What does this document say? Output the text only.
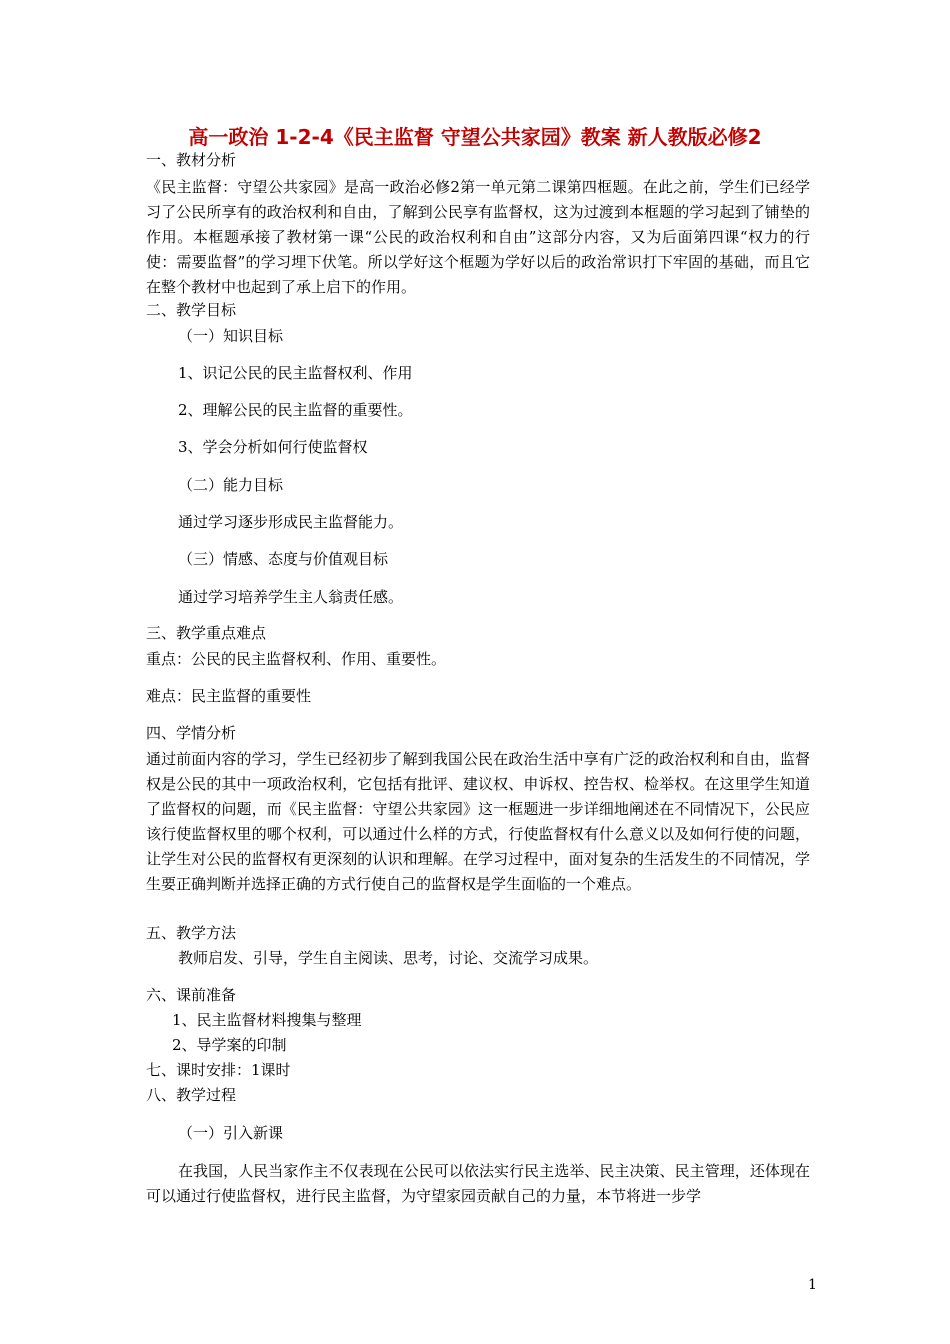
高一政治 1-2-4《民主监督 守望公共家园》教案 新人教版必修2
一、教材分析

《民主监督：守望公共家园》是高一政治必修2第一单元第二课第四框题。在此之前，学生们已经学习了公民所享有的政治权利和自由，了解到公民享有监督权，这为过渡到本框题的学习起到了铺垫的作用。本框题承接了教材第一课“公民的政治权利和自由”这部分内容，又为后面第四课“权力的行使：需要监督”的学习埋下伏笔。所以学好这个框题为学好以后的政治常识打下牢固的基础，而且它在整个教材中也起到了承上启下的作用。

二、教学目标
（一）知识目标
1、识记公民的民主监督权利、作用
2、理解公民的民主监督的重要性。
3、学会分析如何行使监督权
（二）能力目标
通过学习逐步形成民主监督能力。
（三）情感、态度与价值观目标
通过学习培养学生主人翁责任感。
三、教学重点难点
重点：公民的民主监督权利、作用、重要性。
难点：民主监督的重要性
四、学情分析

通过前面内容的学习，学生已经初步了解到我国公民在政治生活中享有广泛的政治权利和自由，监督权是公民的其中一项政治权利，它包括有批评、建议权、申诉权、控告权、检举权。在这里学生知道了监督权的问题，而《民主监督：守望公共家园》这一框题进一步详细地阐述在不同情况下，公民应该行使监督权里的哪个权利，可以通过什么样的方式，行使监督权有什么意义以及如何行使的问题，让学生对公民的监督权有更深刻的认识和理解。在学习过程中，面对复杂的生活发生的不同情况，学生要正确判断并选择正确的方式行使自己的监督权是学生面临的一个难点。

五、教学方法
教师启发、引导，学生自主阅读、思考，讨论、交流学习成果。
六、课前准备
1、民主监督材料搜集与整理
2、导学案的印制
七、课时安排：1课时
八、教学过程
（一）引入新课

在我国，人民当家作主不仅表现在公民可以依法实行民主选举、民主决策、民主管理，还体现在可以通过行使监督权，进行民主监督，为守望家园贡献自己的力量，本节将进一步学

1
